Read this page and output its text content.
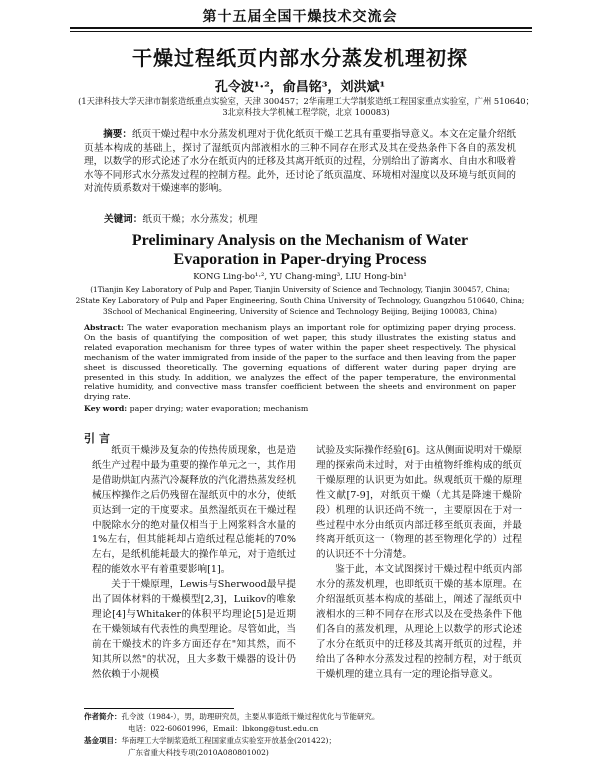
第十五届全国干燥技术交流会
干燥过程纸页内部水分蒸发机理初探
孔令波¹·²，俞昌铭³，刘洪斌¹
(1天津科技大学天津市制浆造纸重点实验室，天津 300457；2华南理工大学制浆造纸工程国家重点实验室，广州 510640；3北京科技大学机械工程学院，北京 100083)
摘要：纸页干燥过程中水分蒸发机理对于优化纸页干燥工艺具有重要指导意义。本文在定量介绍纸页基本构成的基础上，探讨了湿纸页内部液相水的三种不同存在形式及其在受热条件下各自的蒸发机理，以数学的形式论述了水分在纸页内的迁移及其离开纸页的过程，分别给出了游离水、自由水和吸着水等不同形式水分蒸发过程的控制方程。此外，还讨论了纸页温度、环境相对湿度以及环境与纸页间的对流传质系数对干燥速率的影响。
关键词：纸页干燥；水分蒸发；机理
Preliminary Analysis on the Mechanism of Water
Evaporation in Paper-drying Process
KONG Ling-bo¹·², YU Chang-ming³, LIU Hong-bin¹
(1Tianjin Key Laboratory of Pulp and Paper, Tianjin University of Science and Technology, Tianjin 300457, China;
2State Key Laboratory of Pulp and Paper Engineering, South China University of Technology, Guangzhou 510640, China;
3School of Mechanical Engineering, University of Science and Technology Beijing, Beijing 100083, China)
Abstract: The water evaporation mechanism plays an important role for optimizing paper drying process. On the basis of quantifying the composition of wet paper, this study illustrates the existing status and related evaporation mechanism for three types of water within the paper sheet respectively. The physical mechanism of the water immigrated from inside of the paper to the surface and then leaving from the paper sheet is discussed theoretically. The governing equations of different water during paper drying are presented in this study. In addition, we analyzes the effect of the paper temperature, the environmental relative humidity, and convective mass transfer coefficient between the sheets and environment on paper drying rate.
Key word: paper drying; water evaporation; mechanism
引言

纸页干燥涉及复杂的传热传质现象，也是造纸生产过程中最为重要的操作单元之一，其作用是借助烘缸内蒸汽冷凝释放的汽化潜热蒸发经机械压榨操作之后仍残留在湿纸页中的水分，使纸页达到一定的干度要求。虽然湿纸页在干燥过程中脱除水分的绝对量仅相当于上网浆料含水量的1%左右，但其能耗却占造纸过程总能耗的70%左右，是纸机能耗最大的操作单元，对于造纸过程的能效水平有着重要影响[1]。

关于干燥原理，Lewis与Sherwood最早提出了固体材料的干燥模型[2,3]，Luikov的唯象理论[4]与Whitaker的体积平均理论[5]是近期在干燥领域有代表性的典型理论。尽管如此，当前在干燥技术的许多方面还存在"知其然，而不知其所以然"的状况，且大多数干燥器的设计仍然依赖于小规模

试验及实际操作经验[6]。这从侧面说明对干燥原理的探索尚未过时，对于由植物纤维构成的纸页干燥原理的认识更为如此。纵观纸页干燥的原理性文献[7-9]，对纸页干燥（尤其是降速干燥阶段）机理的认识还尚不统一，主要原因在于对一些过程中水分由纸页内部迁移至纸页表面，并最终离开纸页这一（物理的甚至物理化学的）过程的认识还不十分清楚。

鉴于此，本文试图探讨干燥过程中纸页内部水分的蒸发机理，也即纸页干燥的基本原理。在介绍湿纸页基本构成的基础上，阐述了湿纸页中液相水的三种不同存在形式以及在受热条件下他们各自的蒸发机理，从理论上以数学的形式论述了水分在纸页中的迁移及其离开纸页的过程，并给出了各种水分蒸发过程的控制方程，对于纸页干燥机理的建立具有一定的理论指导意义。

作者简介：孔令波（1984-），男，助理研究员，主要从事造纸干燥过程优化与节能研究。
电话：022-60601996，Email：lbkong@tust.edu.cn
基金项目：华南理工大学制浆造纸工程国家重点实验室开放基金(201422)；
广东省重大科技专项(2010A080801002)
